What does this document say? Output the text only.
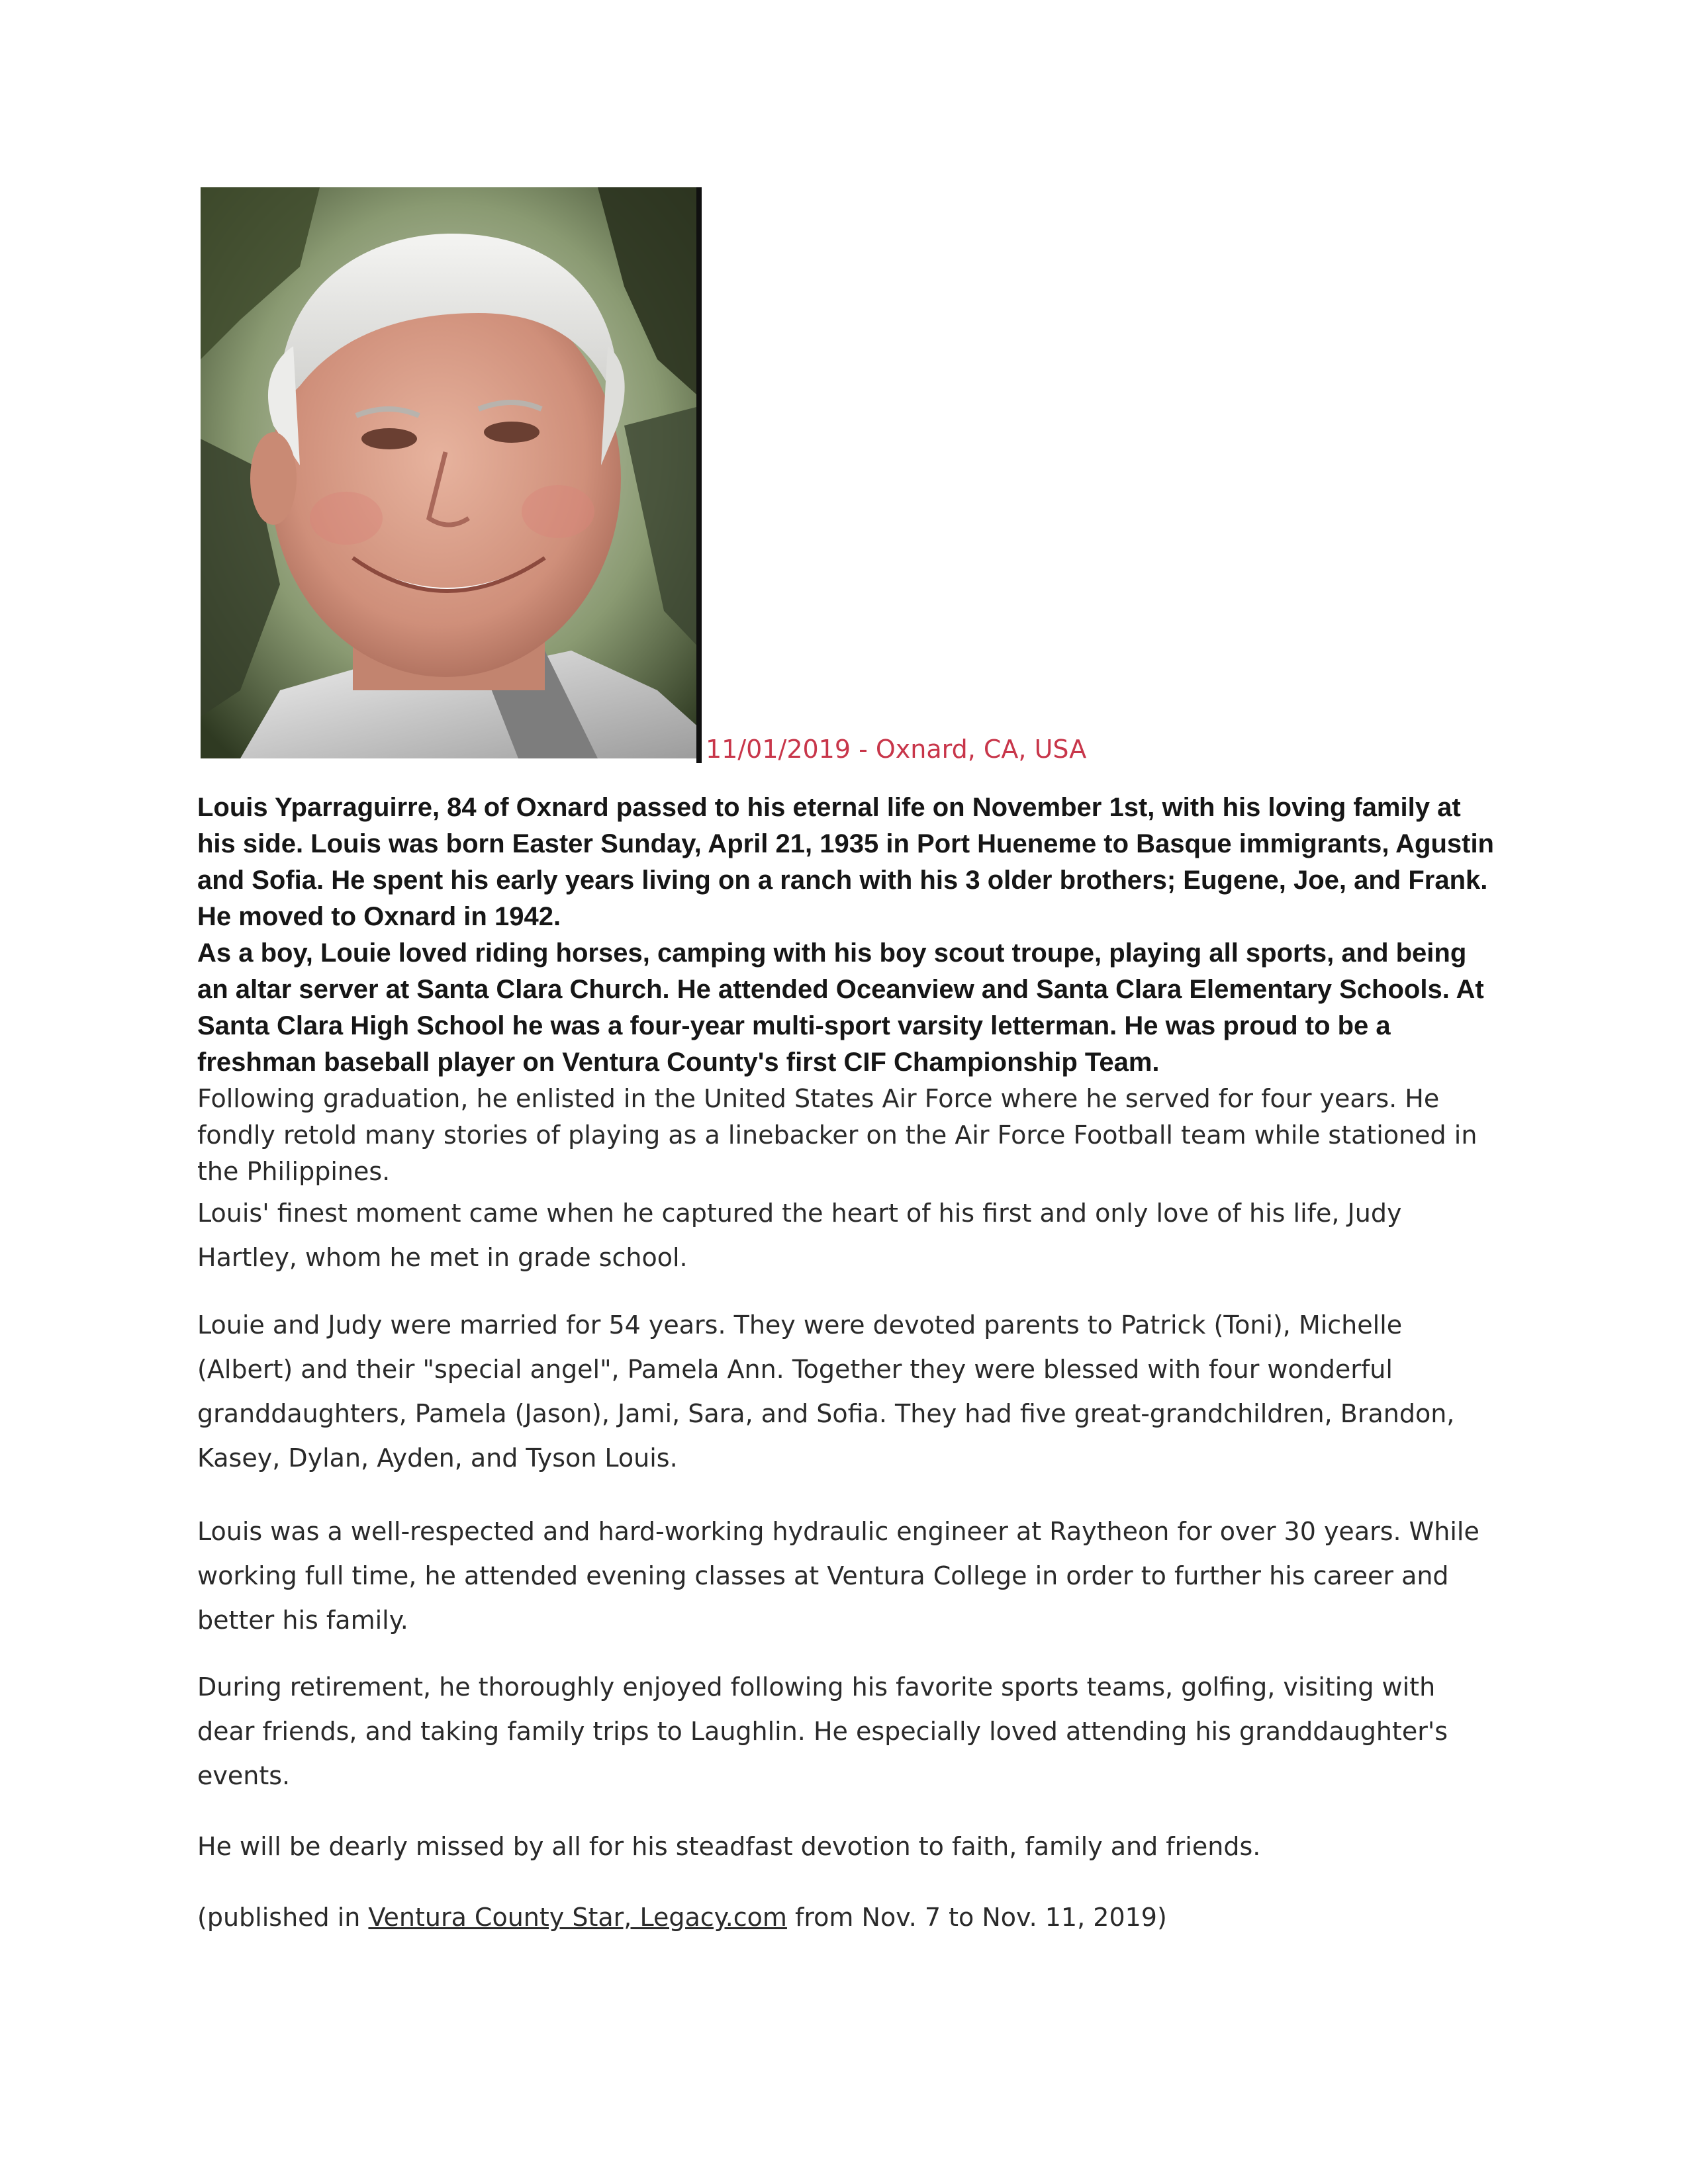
11/01/2019 - Oxnard, CA, USA

Louis Yparraguirre, 84 of Oxnard passed to his eternal life on November 1st, with his loving family at his side. Louis was born Easter Sunday, April 21, 1935 in Port Hueneme to Basque immigrants, Agustin and Sofia. He spent his early years living on a ranch with his 3 older brothers; Eugene, Joe, and Frank. He moved to Oxnard in 1942.

As a boy, Louie loved riding horses, camping with his boy scout troupe, playing all sports, and being an altar server at Santa Clara Church. He attended Oceanview and Santa Clara Elementary Schools. At Santa Clara High School he was a four-year multi-sport varsity letterman. He was proud to be a freshman baseball player on Ventura County's first CIF Championship Team.

Following graduation, he enlisted in the United States Air Force where he served for four years. He fondly retold many stories of playing as a linebacker on the Air Force Football team while stationed in the Philippines.

Louis' finest moment came when he captured the heart of his first and only love of his life, Judy Hartley, whom he met in grade school.

Louie and Judy were married for 54 years. They were devoted parents to Patrick (Toni), Michelle (Albert) and their "special angel", Pamela Ann. Together they were blessed with four wonderful granddaughters, Pamela (Jason), Jami, Sara, and Sofia. They had five great-grandchildren, Brandon, Kasey, Dylan, Ayden, and Tyson Louis.

Louis was a well-respected and hard-working hydraulic engineer at Raytheon for over 30 years. While working full time, he attended evening classes at Ventura College in order to further his career and better his family.

During retirement, he thoroughly enjoyed following his favorite sports teams, golfing, visiting with dear friends, and taking family trips to Laughlin. He especially loved attending his granddaughter's events.

He will be dearly missed by all for his steadfast devotion to faith, family and friends.

(published in Ventura County Star, Legacy.com from Nov. 7 to Nov. 11, 2019)
